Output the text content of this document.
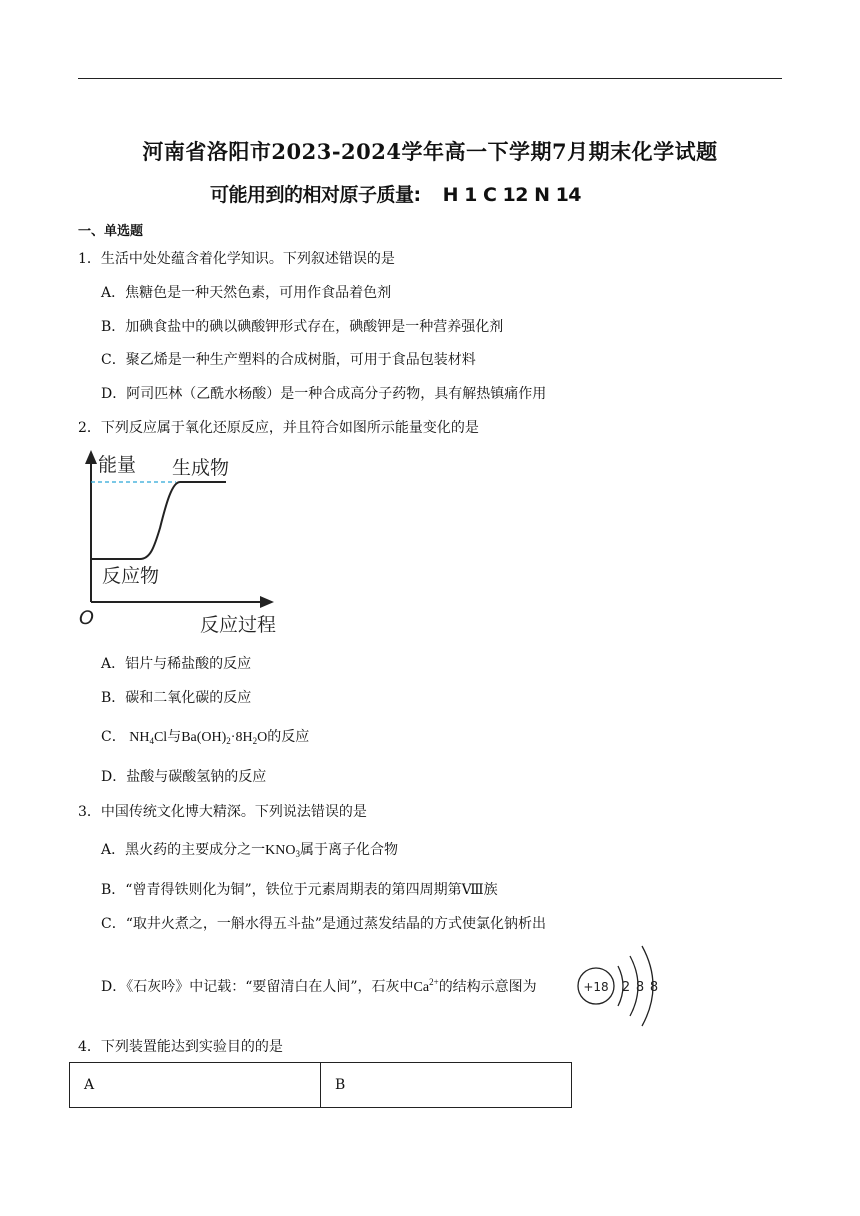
河南省洛阳市2023-2024学年高一下学期7月期末化学试题
可能用到的相对原子质量: H 1 C 12 N 14
一、单选题
1．生活中处处蕴含着化学知识。下列叙述错误的是
A．焦糖色是一种天然色素，可用作食品着色剂
B．加碘食盐中的碘以碘酸钾形式存在，碘酸钾是一种营养强化剂
C．聚乙烯是一种生产塑料的合成树脂，可用于食品包装材料
D．阿司匹林（乙酰水杨酸）是一种合成高分子药物，具有解热镇痛作用
2．下列反应属于氧化还原反应，并且符合如图所示能量变化的是
能量 生成物
反应物
O	反应过程
A．铝片与稀盐酸的反应
B．碳和二氧化碳的反应
C． $NH_4Cl$与$Ba(OH)_2\cdot 8H_2O$的反应
D．盐酸与碳酸氢钠的反应
3．中国传统文化博大精深。下列说法错误的是
A．黑火药的主要成分之一$KNO_3$属于离子化合物
B．“曾青得铁则化为铜”，铁位于元素周期表的第四周期第Ⅷ族
C．“取井火煮之，一斛水得五斗盐”是通过蒸发结晶的方式使氯化钠析出
D．《石灰吟》中记载：“要留清白在人间”，石灰中$Ca^{2+}$的结构示意图为	+18 2 8 8
4．下列装置能达到实验目的的是
A	B
